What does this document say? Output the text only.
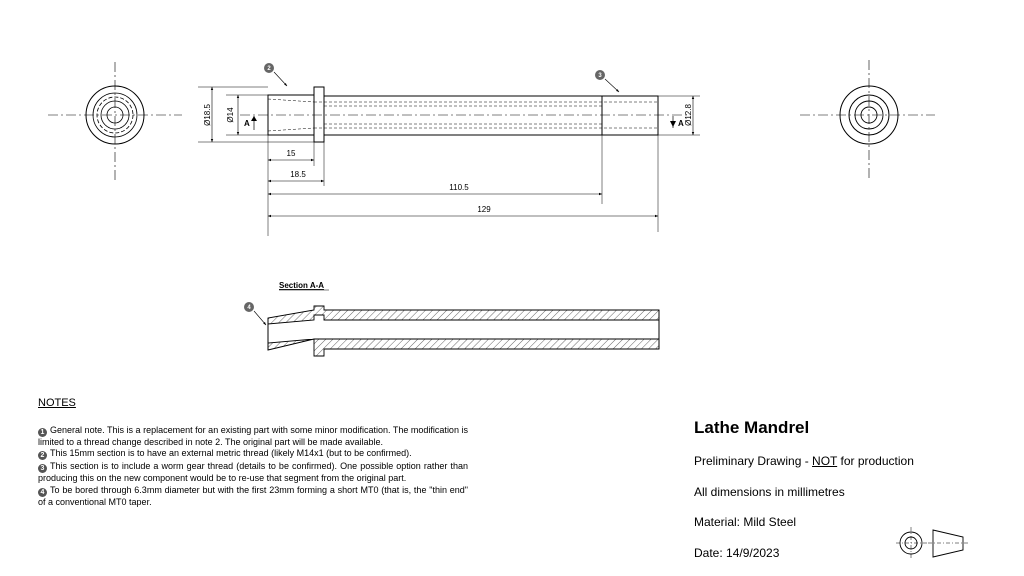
2
3
Ø18.5 Ø14
A	Ø12.8
A
15
18.5
110.5
129
Section A-A
4
NOTES
1 General note. This is a replacement for an existing part with some minor modification. The modification is limited to a thread change described in note 2. The original part will be made available.
2 This 15mm section is to have an external metric thread (likely M14x1 (but to be confirmed).
3 This section is to include a worm gear thread (details to be confirmed). One possible option rather than producing this on the new component would be to re-use that segment from the original part.
4 To be bored through 6.3mm diameter but with the first 23mm forming a short MT0 (that is, the "thin end" of a conventional MT0 taper.
Lathe Mandrel
Preliminary Drawing - NOT for production
All dimensions in millimetres
Material: Mild Steel
Date: 14/9/2023
